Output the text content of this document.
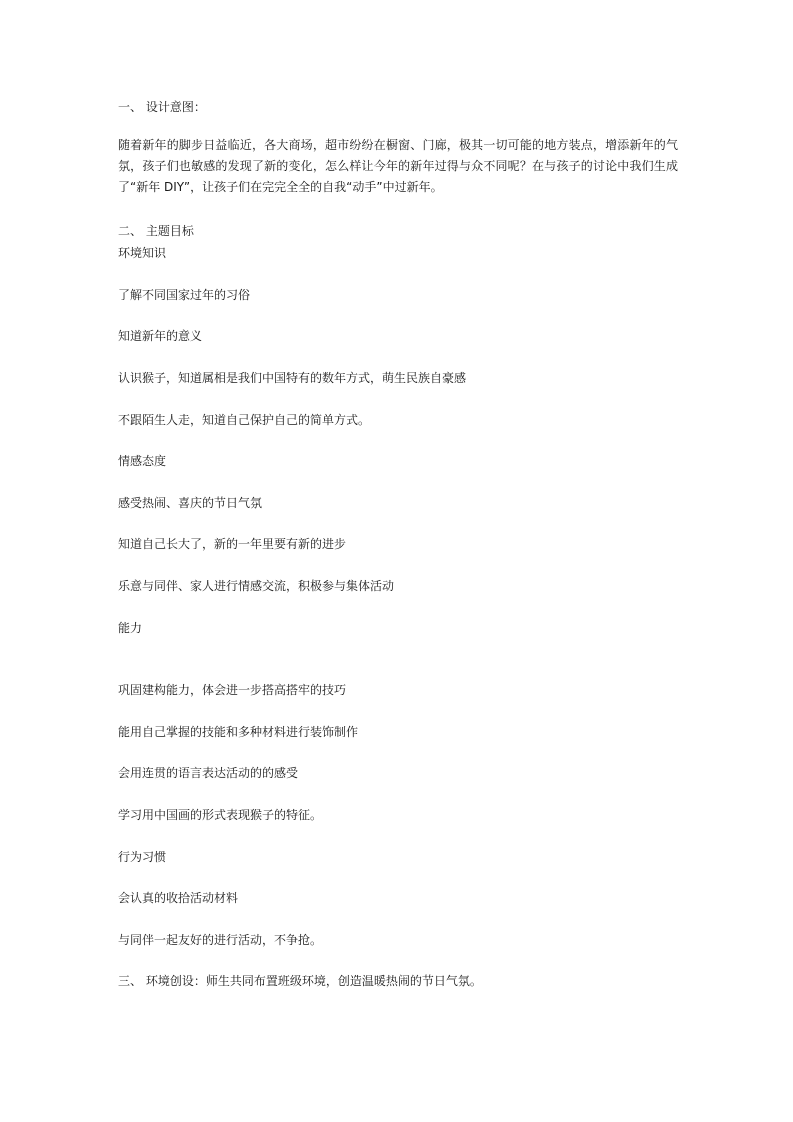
一、 设计意图：
随着新年的脚步日益临近，各大商场，超市纷纷在橱窗、门廊，极其一切可能的地方装点，增添新年的气氛，孩子们也敏感的发现了新的变化，怎么样让今年的新年过得与众不同呢？在与孩子的讨论中我们生成了“新年 DIY”，让孩子们在完完全全的自我“动手”中过新年。
二、 主题目标
环境知识
了解不同国家过年的习俗
知道新年的意义
认识猴子，知道属相是我们中国特有的数年方式，萌生民族自豪感
不跟陌生人走，知道自己保护自己的简单方式。
情感态度
感受热闹、喜庆的节日气氛
知道自己长大了，新的一年里要有新的进步
乐意与同伴、家人进行情感交流，积极参与集体活动
能力
巩固建构能力，体会进一步搭高搭牢的技巧
能用自己掌握的技能和多种材料进行装饰制作
会用连贯的语言表达活动的的感受
学习用中国画的形式表现猴子的特征。
行为习惯
会认真的收拾活动材料
与同伴一起友好的进行活动，不争抢。
三、 环境创设：师生共同布置班级环境，创造温暖热闹的节日气氛。
